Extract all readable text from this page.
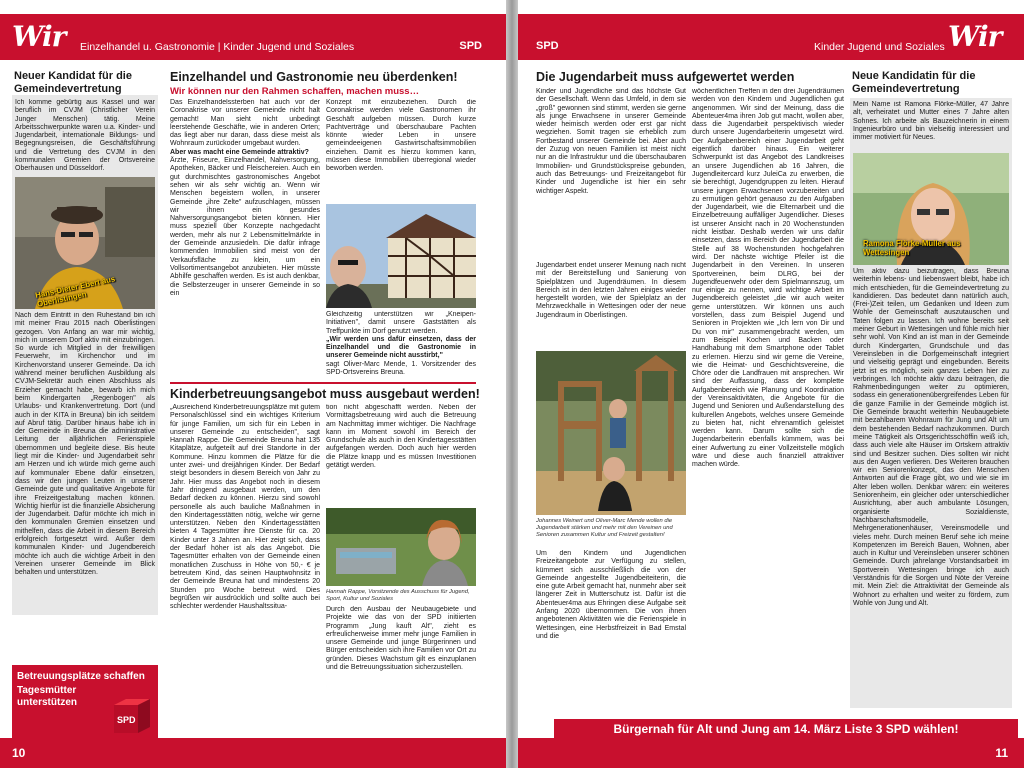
Wir Einzelhandel u. Gastronomie | Kinder Jugend und Soziales	SPD
Neuer Kandidat für die Gemeindevertretung

Ich komme gebürtig aus Kassel und war beruflich im CVJM (Christlicher Verein Junger Menschen) tätig. Meine Arbeitsschwerpunkte waren u.a. Kinder- und Jugendarbeit, internationale Bildungs- und Begegnungsreisen, die Geschäftsführung und die Vertretung des CVJM in den kommunalen Gremien der Ortsvereine Oberhausen und Düsseldorf.

Hans-Dieter Ebert aus Oberlistingen

Nach dem Eintritt in den Ruhestand bin ich mit meiner Frau 2015 nach Oberlistingen gezogen. Von Anfang an war mir wichtig, mich in unserem Dorf aktiv mit einzubringen. So wurde ich Mitglied in der freiwilligen Feuerwehr, im Kirchenchor und im Kirchenvorstand unserer Gemeinde. Da ich während meiner beruflichen Ausbildung als CVJM-Sekretär auch einen Abschluss als Erzieher gemacht habe, bewarb ich mich beim Kindergarten „Regenbogen" als Urlaubs- und Krankenvertretung. Dort (und auch in der KITA in Breuna) bin ich seitdem auf Abruf tätig. Darüber hinaus habe ich in der Gemeinde in Breuna die administrative Leitung der alljährlichen Ferienspiele übernommen und begleite diese. Bis heute liegt mir die Kinder- und Jugendarbeit sehr am Herzen und ich würde mich gerne auch auf kommunaler Ebene dafür einsetzen, dass wir den jungen Leuten in unserer Gemeinde gute und qualitative Angebote für ihre Freizeitgestaltung machen können. Wichtig hierfür ist die finanzielle Absicherung der Jugendarbeit. Dafür möchte ich mich in den kommunalen Gremien einsetzen und mithelfen, dass die Arbeit in diesem Bereich erfolgreich fortgesetzt wird. Außer dem kommunalen Kinder- und Jugendbereich möchte ich auch die wichtige Arbeit in den Vereinen unserer Gemeinde im Blick behalten und unterstützen.

Betreuungsplätze schaffen
Tagesmütter
unterstützen
SPD
Einzelhandel und Gastronomie neu überdenken!
Wir können nur den Rahmen schaffen, machen muss…

Das Einzelhandelssterben hat auch vor der Coronakrise vor unserer Gemeinde nicht halt gemacht! Man sieht nicht unbedingt leerstehende Geschäfte, wie in anderen Orten; das liegt aber nur daran, dass diese meist als Wohnraum zurückoder umgebaut wurden.

Aber was macht eine Gemeinde attraktiv?

Ärzte, Friseure, Einzelhandel, Nahversorgung, Apotheken, Bäcker und Fleischereien. Auch ein gut durchmischtes gastronomisches Angebot sehen wir als sehr wichtig an. Wenn wir Menschen begeistern wollen, in unserer Gemeinde „ihre Zelte" aufzuschlagen, müssen wir ihnen ein gesundes Nahversorgungsangebot bieten können. Hier muss speziell über Konzepte nachgedacht werden, mehr als nur 2 Lebensmittelmärkte in der Gemeinde anzusiedeln. Die dafür infrage kommenden Immobilien sind meist von der Verkaufsfläche zu klein, um ein Vollsortimentsangebot anzubieten. Hier müsste Abhilfe geschaffen werden. Es ist auch denkbar, die Selbsterzeuger in unserer Gemeinde in so ein

Konzept mit einzubeziehen. Durch die Coronakrise werden viele Gastronomen ihr Geschäft aufgeben müssen. Durch kurze Pachtverträge und überschaubare Pachten könnte wieder Leben in unsere gemeindeeigenen Gastwirtschaftsimmobilien einziehen. Damit es hierzu kommen kann, müssen diese Immobilien überregional wieder beworben werden.

Gleichzeitig unterstützen wir „Kneipen-Initiativen", damit unsere Gaststätten als Treffpunkte im Dorf genutzt werden.

„Wir werden uns dafür einsetzen, dass der Einzelhandel und die Gastronomie in unserer Gemeinde nicht ausstirbt,"

sagt Oliver-Marc Mende, 1. Vorsitzender des SPD-Ortsvereins Breuna.

Kinderbetreuungsangebot muss ausgebaut werden!

„Ausreichend Kinderbetreuungsplätze mit gutem Personalschlüssel sind ein wichtiges Kriterium für junge Familien, um sich für ein Leben in unserer Gemeinde zu entscheiden", sagt Hannah Rappe. Die Gemeinde Breuna hat 135 Kitaplätze, aufgeteilt auf drei Standorte in der Kommune. Hinzu kommen die Plätze für die unter zwei- und dreijährigen Kinder. Der Bedarf steigt besonders in diesem Bereich von Jahr zu Jahr. Hier muss das Angebot noch in diesem Jahr dringend ausgebaut werden, um den Bedarf decken zu können. Hierzu sind sowohl personelle als auch bauliche Maßnahmen in den Kindertagesstätten nötig, welche wir gerne unterstützen. Neben den Kindertagesstätten bieten 4 Tagesmütter ihre Dienste für ca. 20 Kinder unter 3 Jahren an. Hier zeigt sich, dass der Bedarf höher ist als das Angebot. Die Tagesmütter erhalten von der Gemeinde einen monatlichen Zuschuss in Höhe von 50,- € je betreutem Kind, das seinen Hauptwohnsitz in der Gemeinde Breuna hat und mindestens 20 Stunden pro Woche betreut wird. Dies begrüßen wir ausdrücklich und sollte auch bei schlechter werdender Haushaltssitua-

tion nicht abgeschafft werden. Neben der Vormittagsbetreuung wird auch die Betreuung am Nachmittag immer wichtiger. Die Nachfrage kann im Moment sowohl im Bereich der Grundschule als auch in den Kindertagesstätten aufgefangen werden. Doch auch hier werden die Plätze knapp und es müssen Investitionen getätigt werden.

Hannah Rappe, Vorsitzende des Ausschuss für Jugend, Sport, Kultur und Soziales

Durch den Ausbau der Neubaugebiete und Projekte wie das von der SPD initiierten Programm „Jung kauft Alt", zieht es erfreulicherweise immer mehr junge Familien in unsere Gemeinde und junge Bürgerinnen und Bürger entscheiden sich ihre Familien vor Ort zu gründen. Dieses Wachstum gilt es einzuplanen und die Betreuungssituation sicherzustellen.

10
SPD	Kinder Jugend und Soziales Wir
Die Jugendarbeit muss aufgewertet werden

Kinder und Jugendliche sind das höchste Gut der Gesellschaft. Wenn das Umfeld, in dem sie „groß" gewonnen sind stimmt, werden sie gerne als junge Erwachsene in unserer Gemeinde wieder heimisch werden oder erst gar nicht wegziehen. Somit tragen sie erheblich zum Fortbestand unserer Gemeinde bei. Aber auch der Zuzug von neuen Familien ist meist nicht nur an die Infrastruktur und die überschaubaren Immobilien- und Grundstückspreise gebunden, auch das Betreuungs- und Freizeitangebot für Kinder und Jugendliche ist hier ein sehr wichtiger Aspekt.

Jugendarbeit endet unserer Meinung nach nicht mit der Bereitstellung und Sanierung von Spielplätzen und Jugendräumen. In diesem Bereich ist in den letzten Jahren einiges wieder hergestellt worden, wie der Spielplatz an der Mehrzweckhalle in Wettesingen oder der neue Jugendraum in Oberlistingen.

Johannes Weinert und Oliver-Marc Mende wollen die Jugendarbeit stärken und mehr mit den Vereinen und Senioren zusammen Kultur und Freizeit gestalten!

Um den Kindern und Jugendlichen Freizeitangebote zur Verfügung zu stellen, kümmert sich ausschließlich die von der Gemeinde angestellte Jugendbeiteiterin, die eine gute Arbeit gemacht hat, nunmehr aber seit längerer Zeit in Mutterschutz ist. Dafür ist die Abenteuer4ma aus Ehringen diese Aufgabe seit Anfang 2020 übernommen. Die von ihnen angebotenen Aktivitäten wie die Ferienspiele in Wettesingen, eine Herbstfreizeit in Bad Emstal und die

wöchentlichen Treffen in den drei Jugendräumen werden von den Kindern und Jugendlichen gut angenommen. Wir sind der Meinung, dass die Abenteuer4ma ihren Job gut macht, wollen aber, dass die Jugendarbeit perspektivisch wieder durch unsere Jugendarbeiterin umgesetzt wird. Der Aufgabenbereich einer Jugendarbeit geht eigentlich darüber hinaus. Ein weiterer Schwerpunkt ist das Angebot des Landkreises an unsere Jugendlichen ab 16 Jahren, die Jugendleitercard kurz JuleiCa zu erwerben, die sie berechtigt, Jugendgruppen zu leiten. Hierauf unsere jungen Erwachsenen vorzubereiten und zu ermutigen gehört genauso zu den Aufgaben der Jugendarbeit, wie die Elternarbeit und die Einzelbetreuung auffälliger Jugendlicher. Dieses ist unserer Ansicht nach in 20 Wochenstunden nicht leistbar. Deshalb werden wir uns dafür einsetzen, dass im Bereich der Jugendarbeit die Stelle auf 38 Wochenstunden hochgefahren wird. Der nächste wichtige Pfeiler ist die Jugendarbeit in den Vereinen. In unseren Sportvereinen, beim DLRG, bei der Jugendfeuerwehr oder dem Spielmannszug, um nur einige zu nennen, wird wichtige Arbeit im Jugendbereich geleistet „die wir auch weiter gerne unterstützen. Wir können uns auch vorstellen, dass zum Beispiel Jugend und Senioren in Projekten wie „Ich lern von Dir und Du von mir" zusammengebracht werden, um zum Beispiel Kochen und Backen oder Handhabung mit dem Smartphone oder Tablet zu erlernen. Hierzu sind wir gerne die Vereine, wie die Heimat- und Geschichtsvereine, die Chöre oder die Landfrauen mit ansprechen. Wir sind der Auffassung, dass der komplette Aufgabenbereich wie Planung und Koordination der Vereinsaktivitäten, die Angebote für die Jugend und Senioren und Außendarstellung des kulturellen Angebots, welches unsere Gemeinde zu bieten hat, nicht ehrenamtlich geleistet werden kann. Darum sollte sich die Jugendarbeiterin ebenfalls kümmern, was bei einer Aufwertung zu einer Vollzeitstelle möglich wäre und diese auch finanziell attraktiver machen würde.

Neue Kandidatin für die Gemeindevertretung

Mein Name ist Ramona Flörke-Müller, 47 Jahre alt, verheiratet und Mutter eines 7 Jahre alten Sohnes. Ich arbeite als Bauzeichnerin in einem Ingenieurbüro und bin vielseitig interessiert und immer motiviert für Neues.

Ramona Flörke-Müller aus Wettesingen

Um aktiv dazu beizutragen, dass Breuna weiterhin lebens- und liebenswert bleibt, habe ich mich entschieden, für die Gemeindevertretung zu kandidieren. Das bedeutet dann natürlich auch, (Frei-)Zeit teilen, um Gedanken und Ideen zum Wohle der Gemeinschaft auszutauschen und Taten folgen zu lassen. Ich wohne bereits seit meiner Geburt in Wettesingen und fühle mich hier sehr wohl. Von Kind an ist man in der Gemeinde durch Kindergarten, Grundschule und das Vereinsleben in die Dorfgemeinschaft integriert und vielseitig geprägt und eingebunden. Bereits jetzt ist es möglich, sein ganzes Leben hier zu verbringen. Ich möchte aktiv dazu beitragen, die Rahmenbedingungen weiter zu optimieren, sodass ein generationenübergreifendes Leben für die ganze Familie in der Gemeinde möglich ist. Die Gemeinde braucht weiterhin Neubaugebiete mit bezahlbarem Wohnraum für Jung und Alt um dem bestehenden Bedarf nachzukommen. Durch meine Tätigkeit als Ortsgerichtsschöffin weiß ich, dass auch viele alte Häuser im Ortskern attraktiv sind und Besitzer suchen. Dies sollten wir nicht aus den Augen verlieren. Des Weiteren brauchen wir ein Seniorenkonzept, das den Menschen Antworten auf die Frage gibt, wo und wie sie im Alter leben wollen. Denkbar wären: ein weiteres Seniorenheim, ein gleicher oder unterschiedlicher Ausrichtung, aber auch ambulante Lösungen, organisierte Sozialdienste, Nachbarschaftsmodelle, Mehrgenerationenhäuser, Vereinsmodelle und vieles mehr. Durch meinen Beruf sehe ich meine Kompetenzen im Bereich Bauen, Wohnen, aber auch in Kultur und Vereinsleben unserer schönen Gemeinde. Durch jahrelange Vorstandsarbeit im Sportverein Wettesingen bringe ich auch Verständnis für die Sorgen und Nöte der Vereine mit. Mein Ziel: die Attraktivität der Gemeinde als Wohnort zu erhalten und weiter zu fördern, zum Wohle von Jung und Alt.

Bürgernah für Alt und Jung am 14. März Liste 3 SPD wählen!
11
